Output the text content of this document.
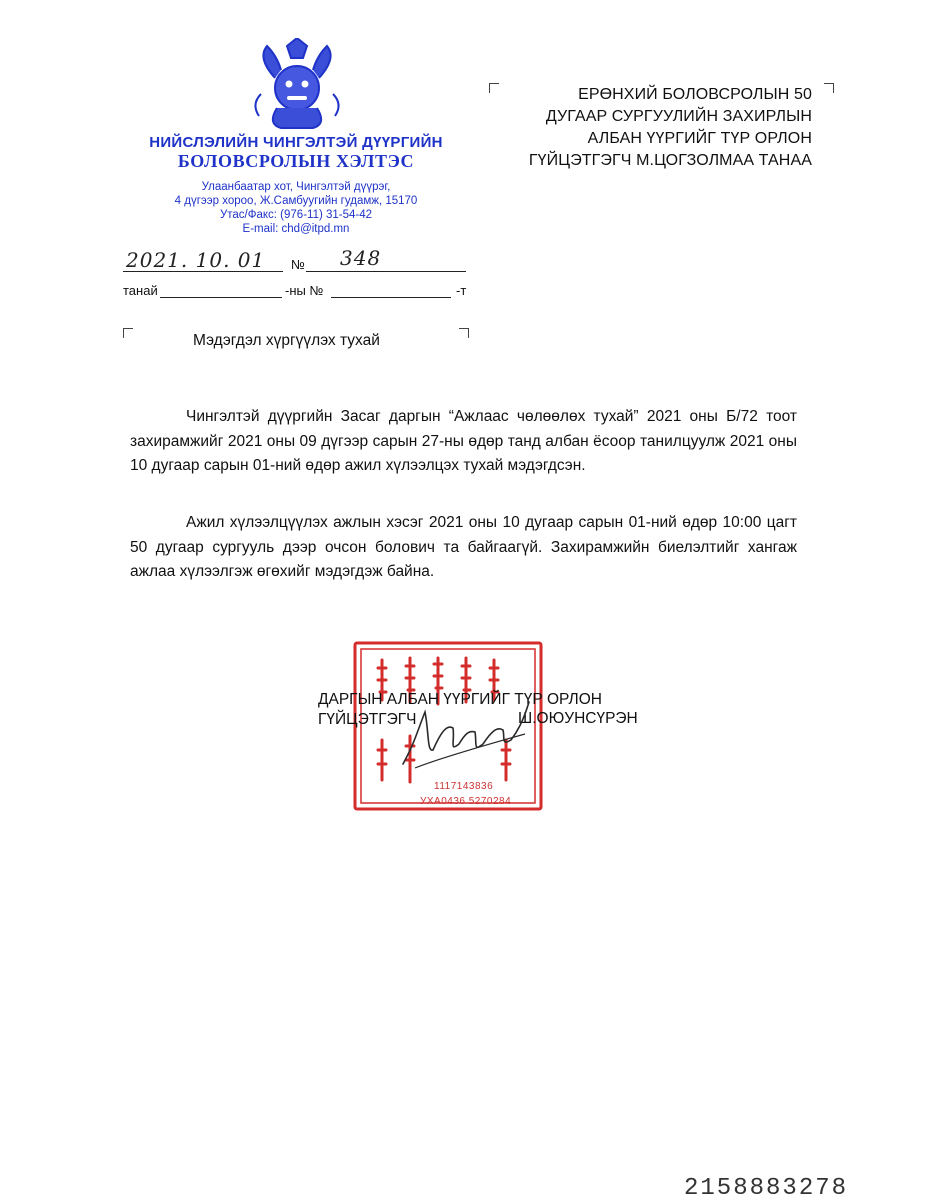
НИЙСЛЭЛИЙН ЧИНГЭЛТЭЙ ДҮҮРГИЙН
БОЛОВСРОЛЫН ХЭЛТЭС
Улаанбаатар хот, Чингэлтэй дүүрэг,
4 дүгээр хороо, Ж.Самбуугийн гудамж, 15170
Утас/Факс: (976-11) 31-54-42
E-mail: chd@itpd.mn
2021. 10. 01 № 348
танай	-ны №	-т
ЕРӨНХИЙ БОЛОВСРОЛЫН 50
ДУГААР СУРГУУЛИЙН ЗАХИРЛЫН
АЛБАН ҮҮРГИЙГ ТҮР ОРЛОН
ГҮЙЦЭТГЭГЧ М.ЦОГЗОЛМАА ТАНАА
Мэдэгдэл хүргүүлэх тухай
Чингэлтэй дүүргийн Засаг даргын “Ажлаас чөлөөлөх тухай” 2021 оны Б/72 тоот захирамжийг 2021 оны 09 дүгээр сарын 27-ны өдөр танд албан ёсоор танилцуулж 2021 оны 10 дугаар сарын 01-ний өдөр ажил хүлээлцэх тухай мэдэгдсэн.
Ажил хүлээлцүүлэх ажлын хэсэг 2021 оны 10 дугаар сарын 01-ний өдөр 10:00 цагт 50 дугаар сургууль дээр очсон болович та байгаагүй. Захирамжийн биелэлтийг хангаж ажлаа хүлээлгэж өгөхийг мэдэгдэж байна.
1117143836
УХА0436 5270284
ДАРГЫН АЛБАН ҮҮРГИЙГ ТҮР ОРЛОН
ГҮЙЦЭТГЭГЧ	Ш.ОЮУНСҮРЭН
2158883278
